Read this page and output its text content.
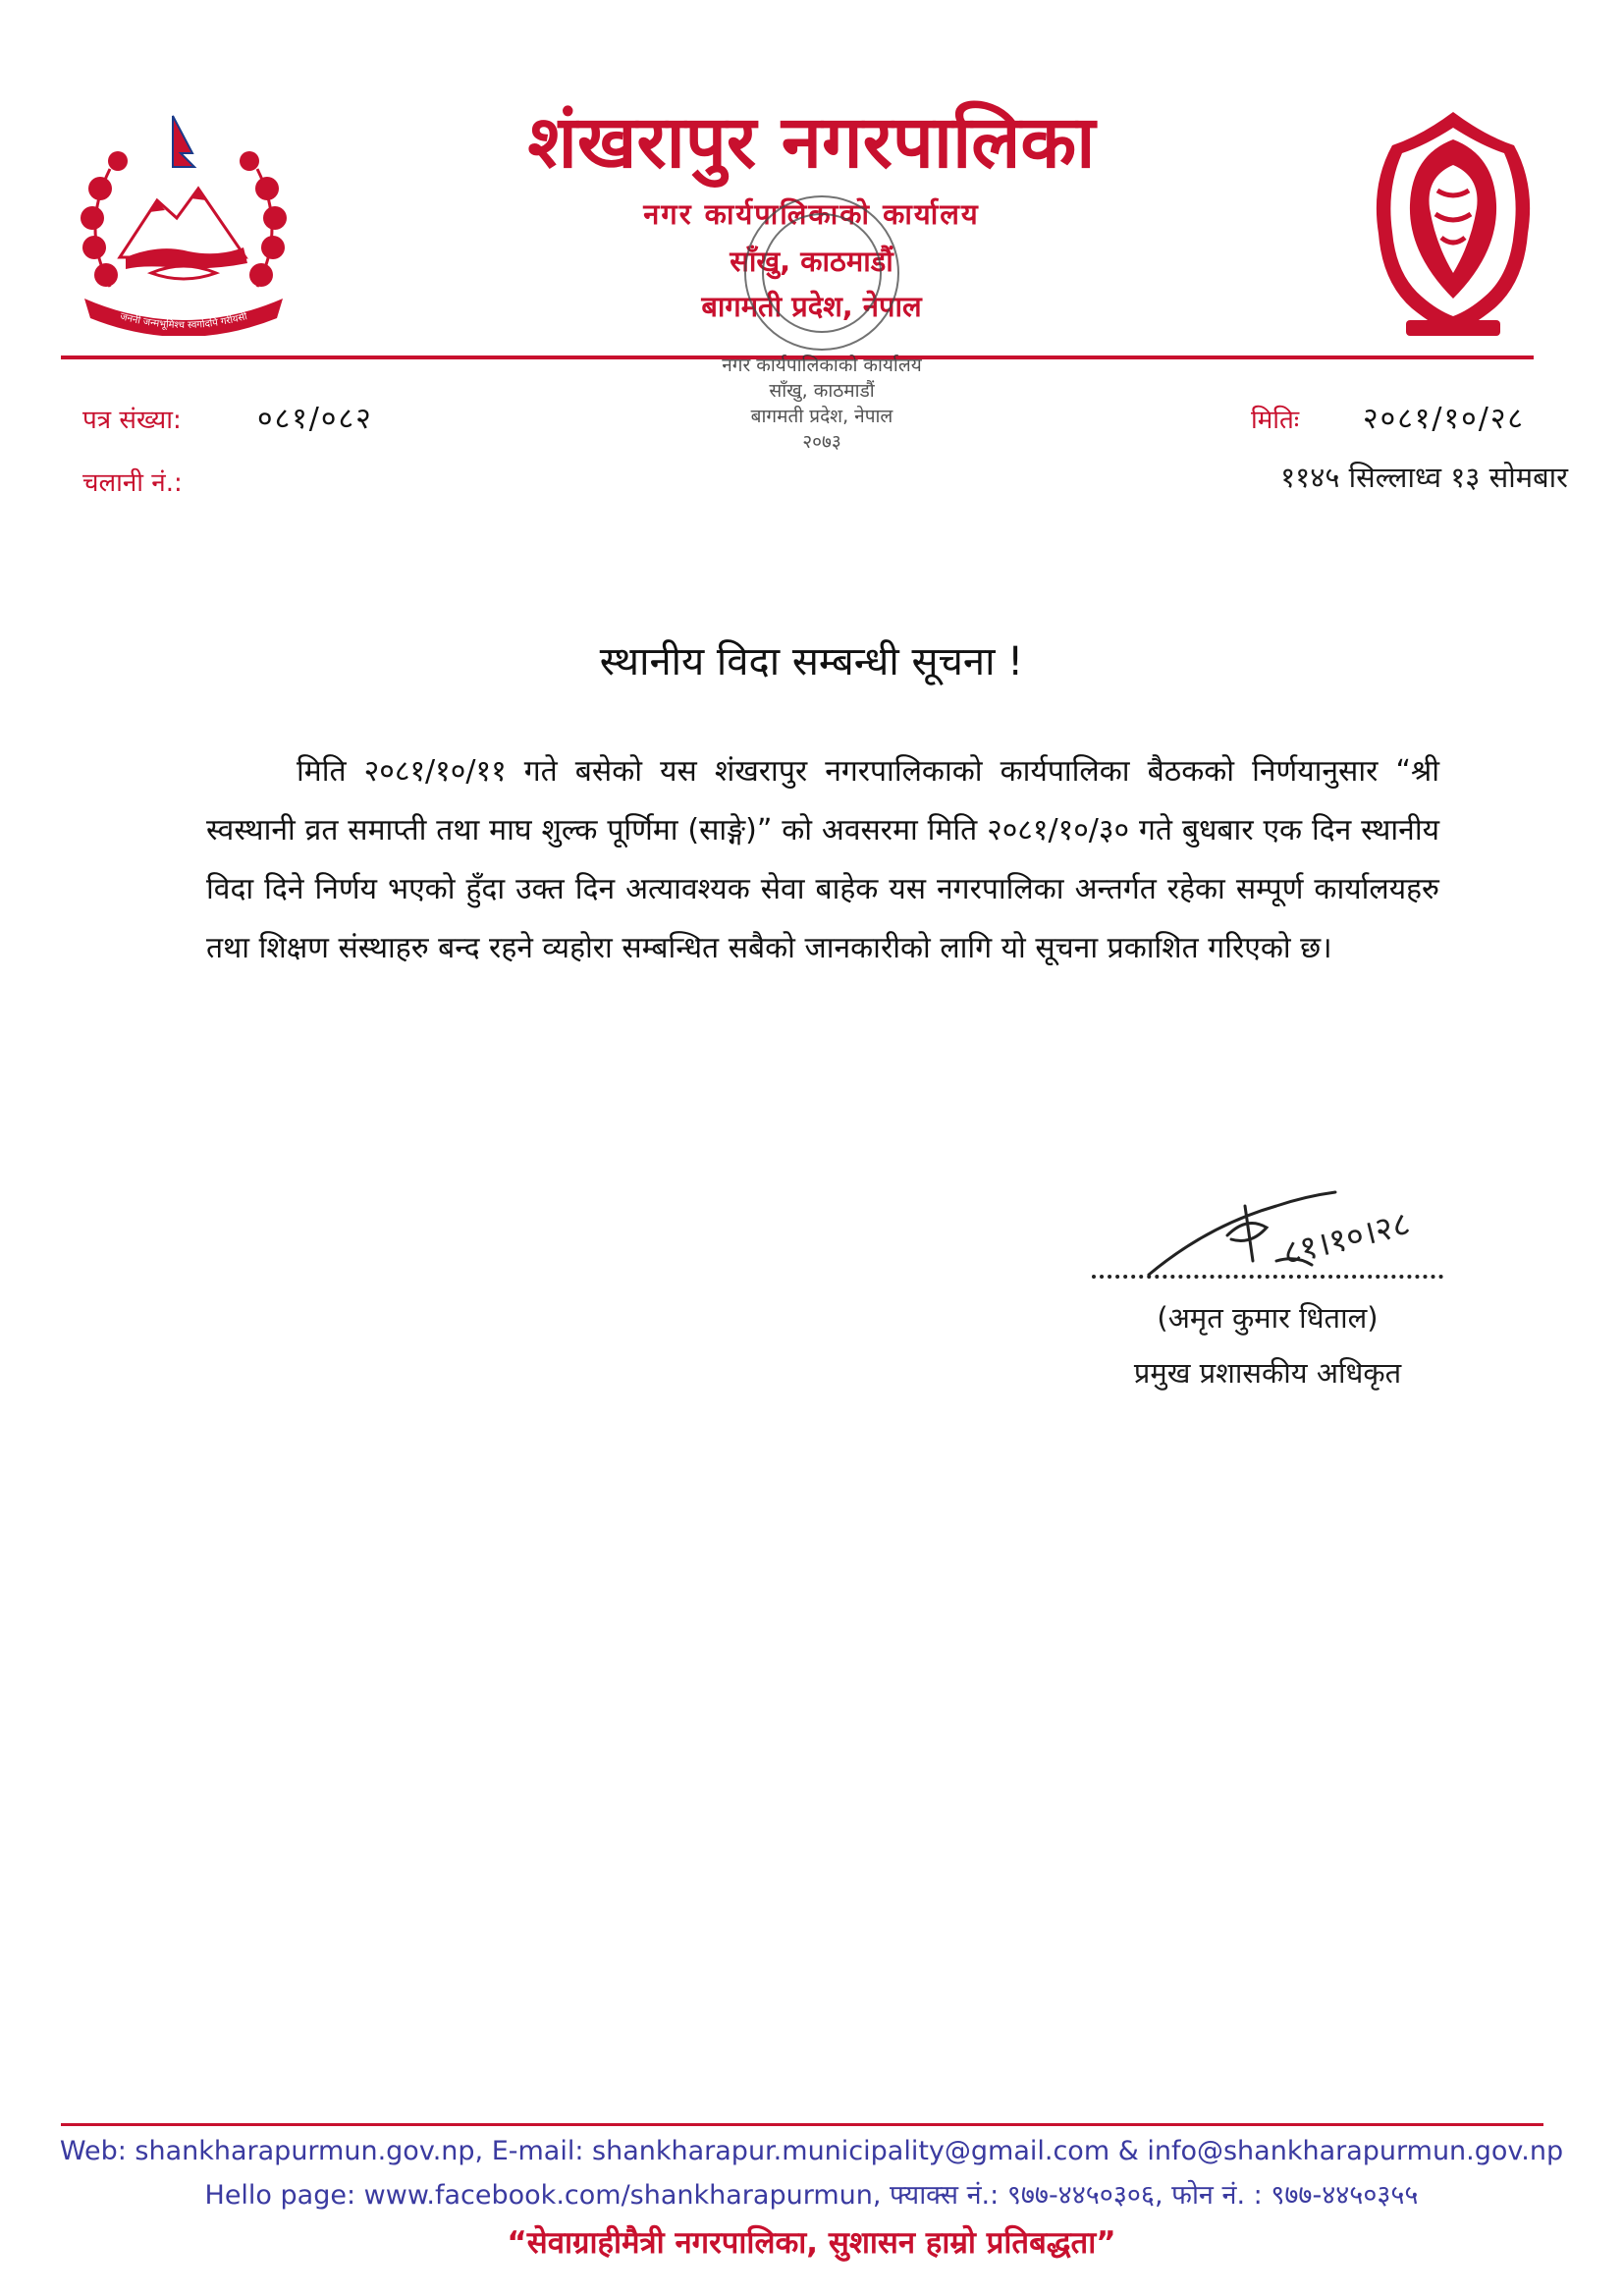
जननी जन्मभूमिश्च स्वर्गादपि गरीयसी
शंखरापुर नगरपालिका
नगर कार्यपालिकाको कार्यालय
साँखु, काठमाडौं
बागमती प्रदेश, नेपाल
नगर कार्यपालिकाको कार्यालय
साँखु, काठमाडौं
बागमती प्रदेश, नेपाल
२०७३
पत्र संख्या:	०८१/०८२
चलानी नं.:
मितिः २०८१/१०/२८
११४५ सिल्लाध्व १३ सोमबार
स्थानीय विदा सम्बन्धी सूचना !
मिति २०८१/१०/११ गते बसेको यस शंखरापुर नगरपालिकाको कार्यपालिका बैठकको निर्णयानुसार “श्री स्वस्थानी व्रत समाप्ती तथा माघ शुल्क पूर्णिमा (साङ्गे)” को अवसरमा मिति २०८१/१०/३० गते बुधबार एक दिन स्थानीय विदा दिने निर्णय भएको हुँदा उक्त दिन अत्यावश्यक सेवा बाहेक यस नगरपालिका अन्तर्गत रहेका सम्पूर्ण कार्यालयहरु तथा शिक्षण संस्थाहरु बन्द रहने व्यहोरा सम्बन्धित सबैको जानकारीको लागि यो सूचना प्रकाशित गरिएको छ।
८१।१०।२८
(अमृत कुमार धिताल)
प्रमुख प्रशासकीय अधिकृत
Web: shankharapurmun.gov.np, E-mail: shankharapur.municipality@gmail.com & info@shankharapurmun.gov.np
Hello page: www.facebook.com/shankharapurmun, फ्याक्स नं.: ९७७-४४५०३०६, फोन नं. : ९७७-४४५०३५५
“सेवाग्राहीमैत्री नगरपालिका, सुशासन हाम्रो प्रतिबद्धता”
